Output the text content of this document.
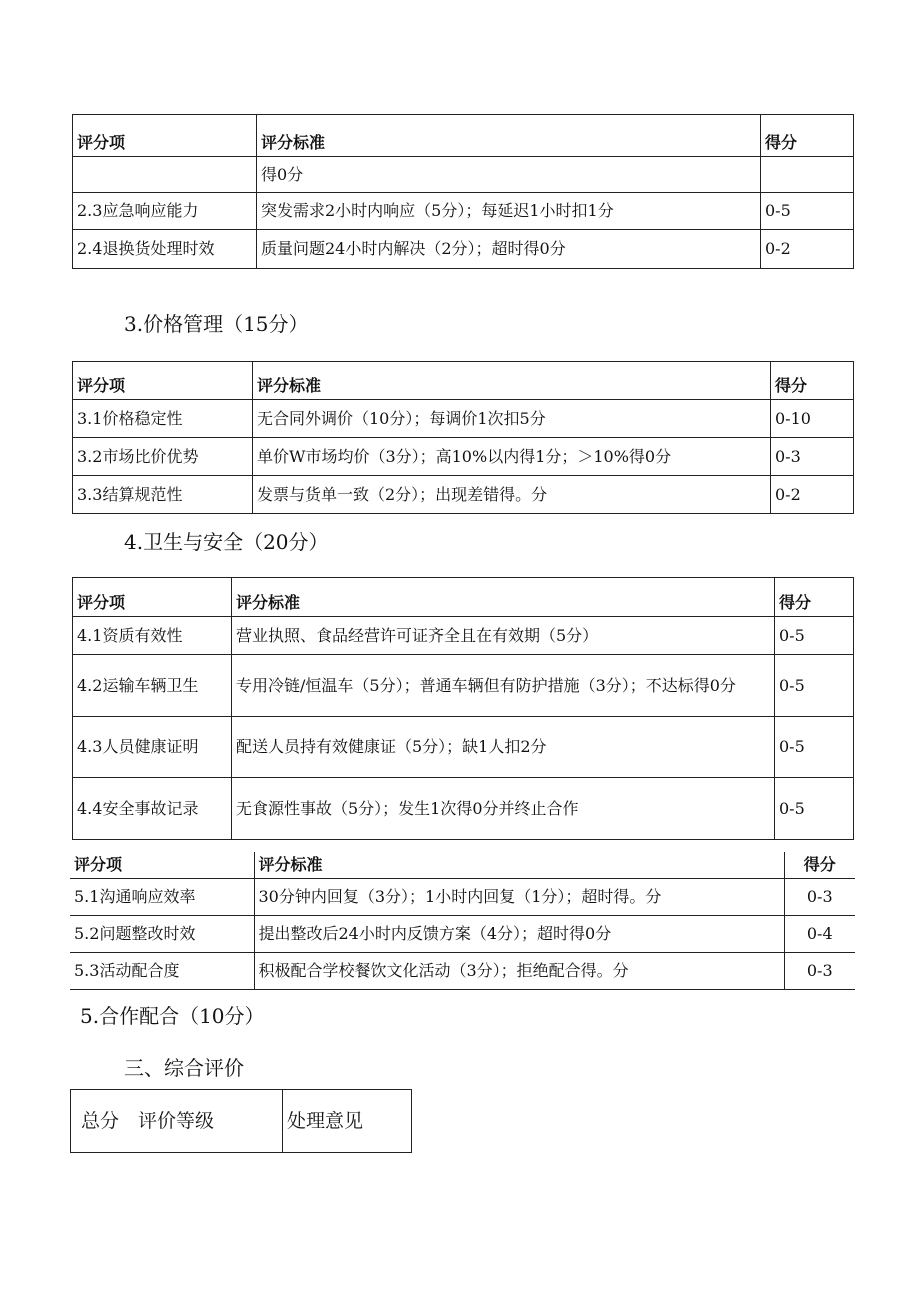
评分项	评分标准	得分
	得0分	
2.3应急响应能力	突发需求2小时内响应（5分）；每延迟1小时扣1分	0-5
2.4退换货处理时效	质量问题24小时内解决（2分）；超时得0分	0-2
3.价格管理（15分）
评分项	评分标准	得分
3.1价格稳定性	无合同外调价（10分）；每调价1次扣5分	0-10
3.2市场比价优势	单价W市场均价（3分）；高10%以内得1分；＞10%得0分	0-3
3.3结算规范性	发票与货单一致（2分）；出现差错得。分	0-2
4.卫生与安全（20分）
评分项	评分标准	得分
4.1资质有效性	营业执照、食品经营许可证齐全且在有效期（5分）	0-5
4.2运输车辆卫生	专用冷链/恒温车（5分）；普通车辆但有防护措施（3分）；不达标得0分	0-5
4.3人员健康证明	配送人员持有效健康证（5分）；缺1人扣2分	0-5
4.4安全事故记录	无食源性事故（5分）；发生1次得0分并终止合作	0-5
评分项	评分标准	得分
5.1沟通响应效率	30分钟内回复（3分）；1小时内回复（1分）；超时得。分	0-3
5.2问题整改时效	提出整改后24小时内反馈方案（4分）；超时得0分	0-4
5.3活动配合度	积极配合学校餐饮文化活动（3分）；拒绝配合得。分	0-3
5.合作配合（10分）
三、综合评价
总分　评价等级	处理意见
